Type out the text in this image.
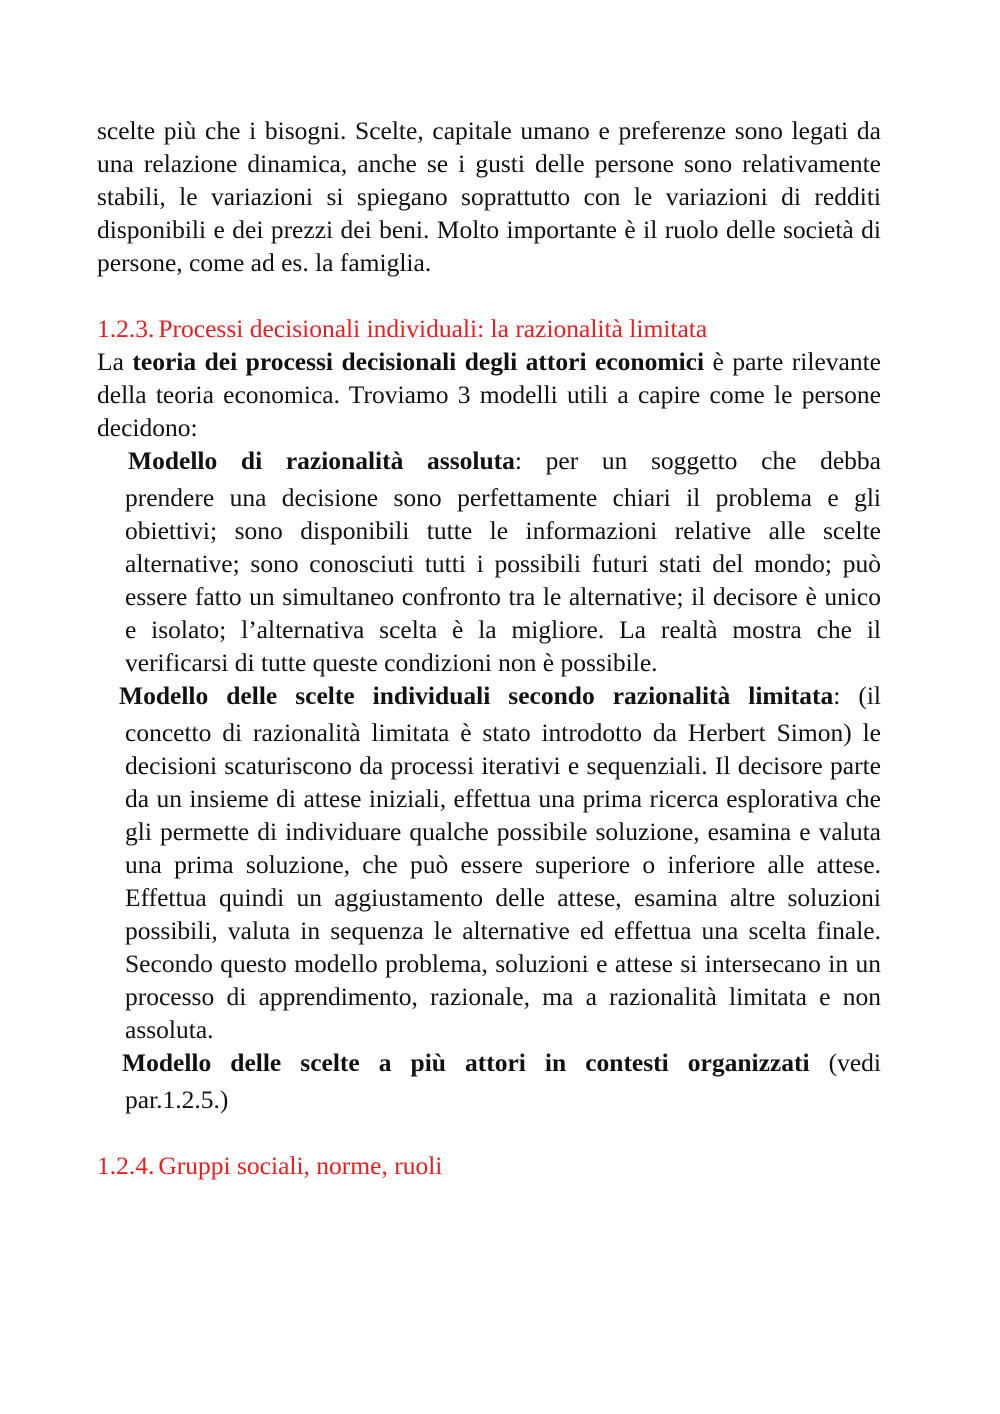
scelte più che i bisogni. Scelte, capitale umano e preferenze sono legati da una relazione dinamica, anche se i gusti delle persone sono relativamente stabili, le variazioni si spiegano soprattutto con le variazioni di redditi disponibili e dei prezzi dei beni. Molto importante è il ruolo delle società di persone, come ad es. la famiglia.

1.2.3. Processi decisionali individuali: la razionalità limitata

La teoria dei processi decisionali degli attori economici è parte rilevante della teoria economica. Troviamo 3 modelli utili a capire come le persone decidono:

Modello di razionalità assoluta: per un soggetto che debba
prendere una decisione sono perfettamente chiari il problema e gli obiettivi; sono disponibili tutte le informazioni relative alle scelte alternative; sono conosciuti tutti i possibili futuri stati del mondo; può essere fatto un simultaneo confronto tra le alternative; il decisore è unico e isolato; l’alternativa scelta è la migliore. La realtà mostra che il verificarsi di tutte queste condizioni non è possibile.
Modello delle scelte individuali secondo razionalità limitata: (il
concetto di razionalità limitata è stato introdotto da Herbert Simon) le decisioni scaturiscono da processi iterativi e sequenziali. Il decisore parte da un insieme di attese iniziali, effettua una prima ricerca esplorativa che gli permette di individuare qualche possibile soluzione, esamina e valuta una prima soluzione, che può essere superiore o inferiore alle attese. Effettua quindi un aggiustamento delle attese, esamina altre soluzioni possibili, valuta in sequenza le alternative ed effettua una scelta finale. Secondo questo modello problema, soluzioni e attese si intersecano in un processo di apprendimento, razionale, ma a razionalità limitata e non assoluta.
Modello delle scelte a più attori in contesti organizzati (vedi
par.1.2.5.)
1.2.4. Gruppi sociali, norme, ruoli
